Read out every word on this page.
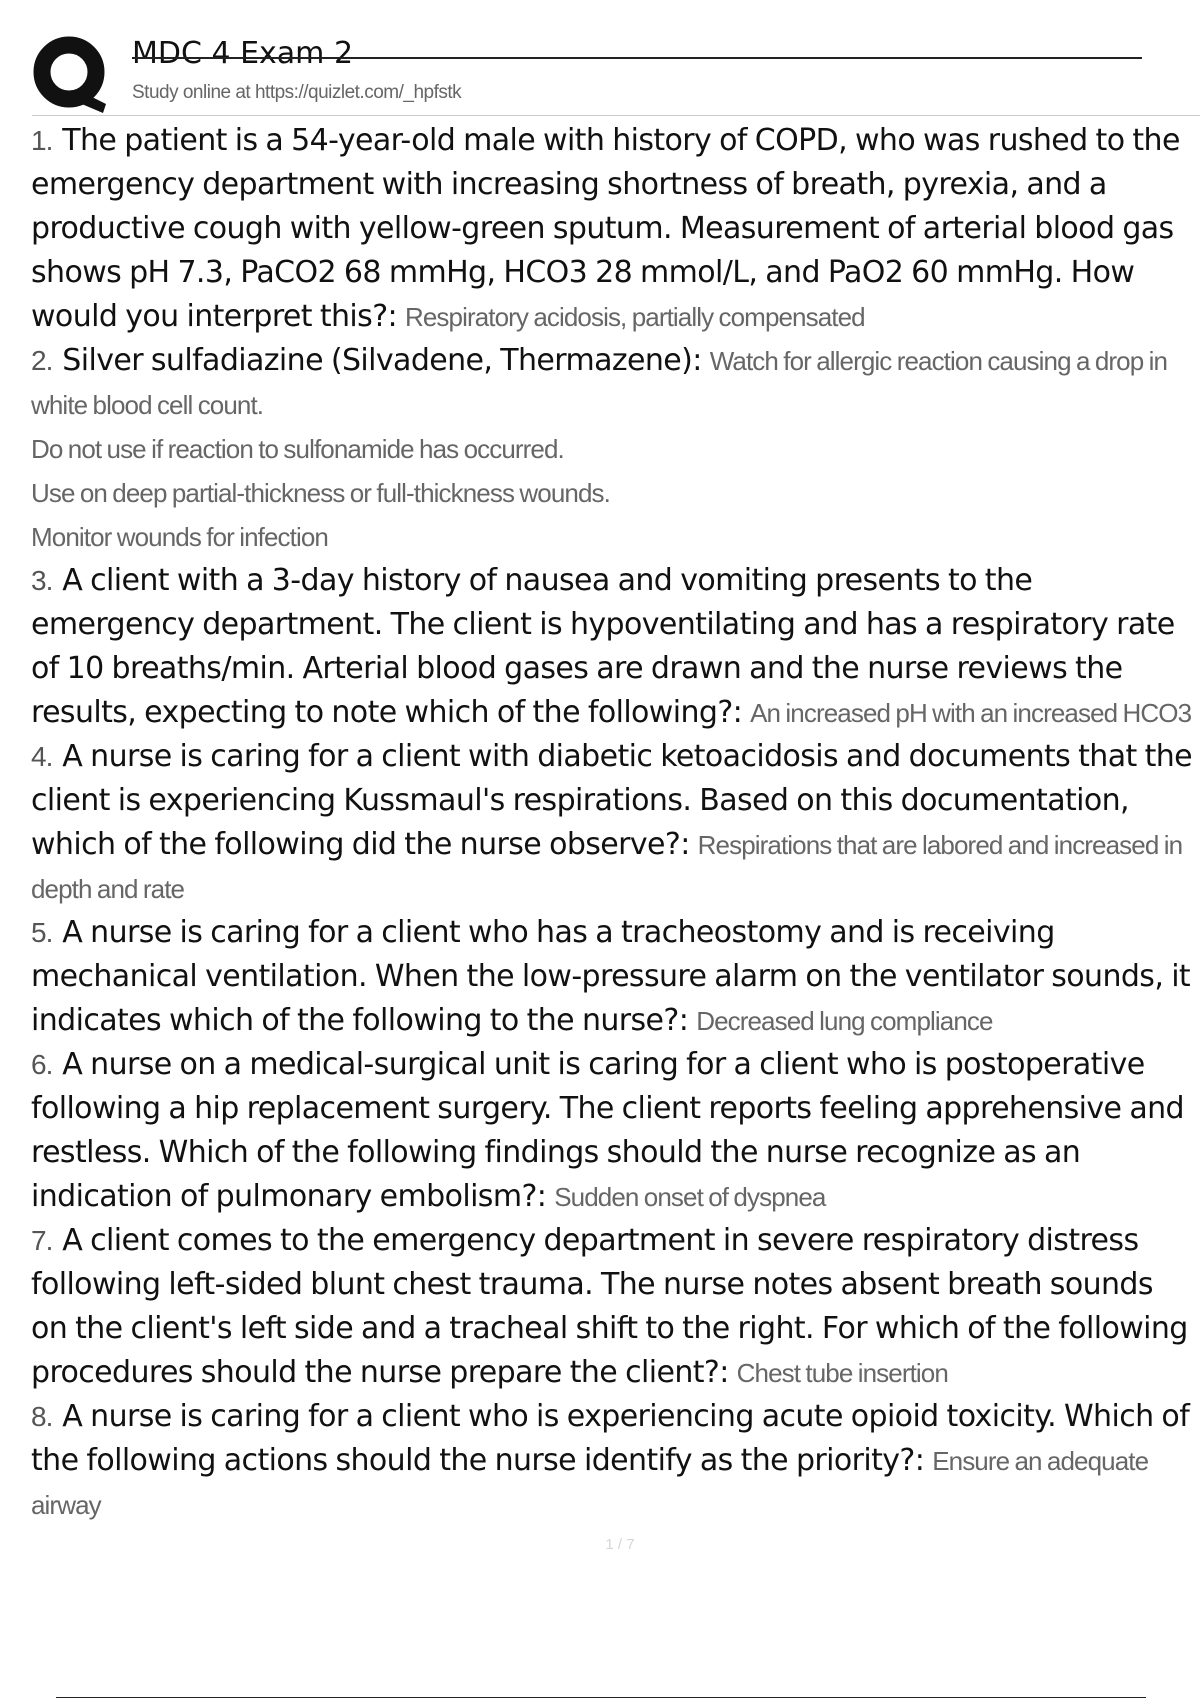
MDC 4 Exam 2
Study online at https://quizlet.com/_hpfstk
1. The patient is a 54-year-old male with history of COPD, who was rushed to the emergency department with increasing shortness of breath, pyrexia, and a productive cough with yellow-green sputum. Measurement of arterial blood gas shows pH 7.3, PaCO2 68 mmHg, HCO3 28 mmol/L, and PaO2 60 mmHg. How would you interpret this?: Respiratory acidosis, partially compensated
2. Silver sulfadiazine (Silvadene, Thermazene): Watch for allergic reaction causing a drop in white blood cell count.
Do not use if reaction to sulfonamide has occurred.
Use on deep partial-thickness or full-thickness wounds.
Monitor wounds for infection
3. A client with a 3-day history of nausea and vomiting presents to the emergency department. The client is hypoventilating and has a respiratory rate of 10 breaths/min. Arterial blood gases are drawn and the nurse reviews the results, expecting to note which of the following?: An increased pH with an increased HCO3
4. A nurse is caring for a client with diabetic ketoacidosis and documents that the client is experiencing Kussmaul's respirations. Based on this documentation, which of the following did the nurse observe?: Respirations that are labored and increased in depth and rate
5. A nurse is caring for a client who has a tracheostomy and is receiving mechanical ventilation. When the low-pressure alarm on the ventilator sounds, it indicates which of the following to the nurse?: Decreased lung compliance
6. A nurse on a medical-surgical unit is caring for a client who is postoperative following a hip replacement surgery. The client reports feeling apprehensive and restless. Which of the following findings should the nurse recognize as an indication of pulmonary embolism?: Sudden onset of dyspnea
7. A client comes to the emergency department in severe respiratory distress following left-sided blunt chest trauma. The nurse notes absent breath sounds on the client's left side and a tracheal shift to the right. For which of the following procedures should the nurse prepare the client?: Chest tube insertion
8. A nurse is caring for a client who is experiencing acute opioid toxicity. Which of the following actions should the nurse identify as the priority?: Ensure an adequate airway
1 / 7
